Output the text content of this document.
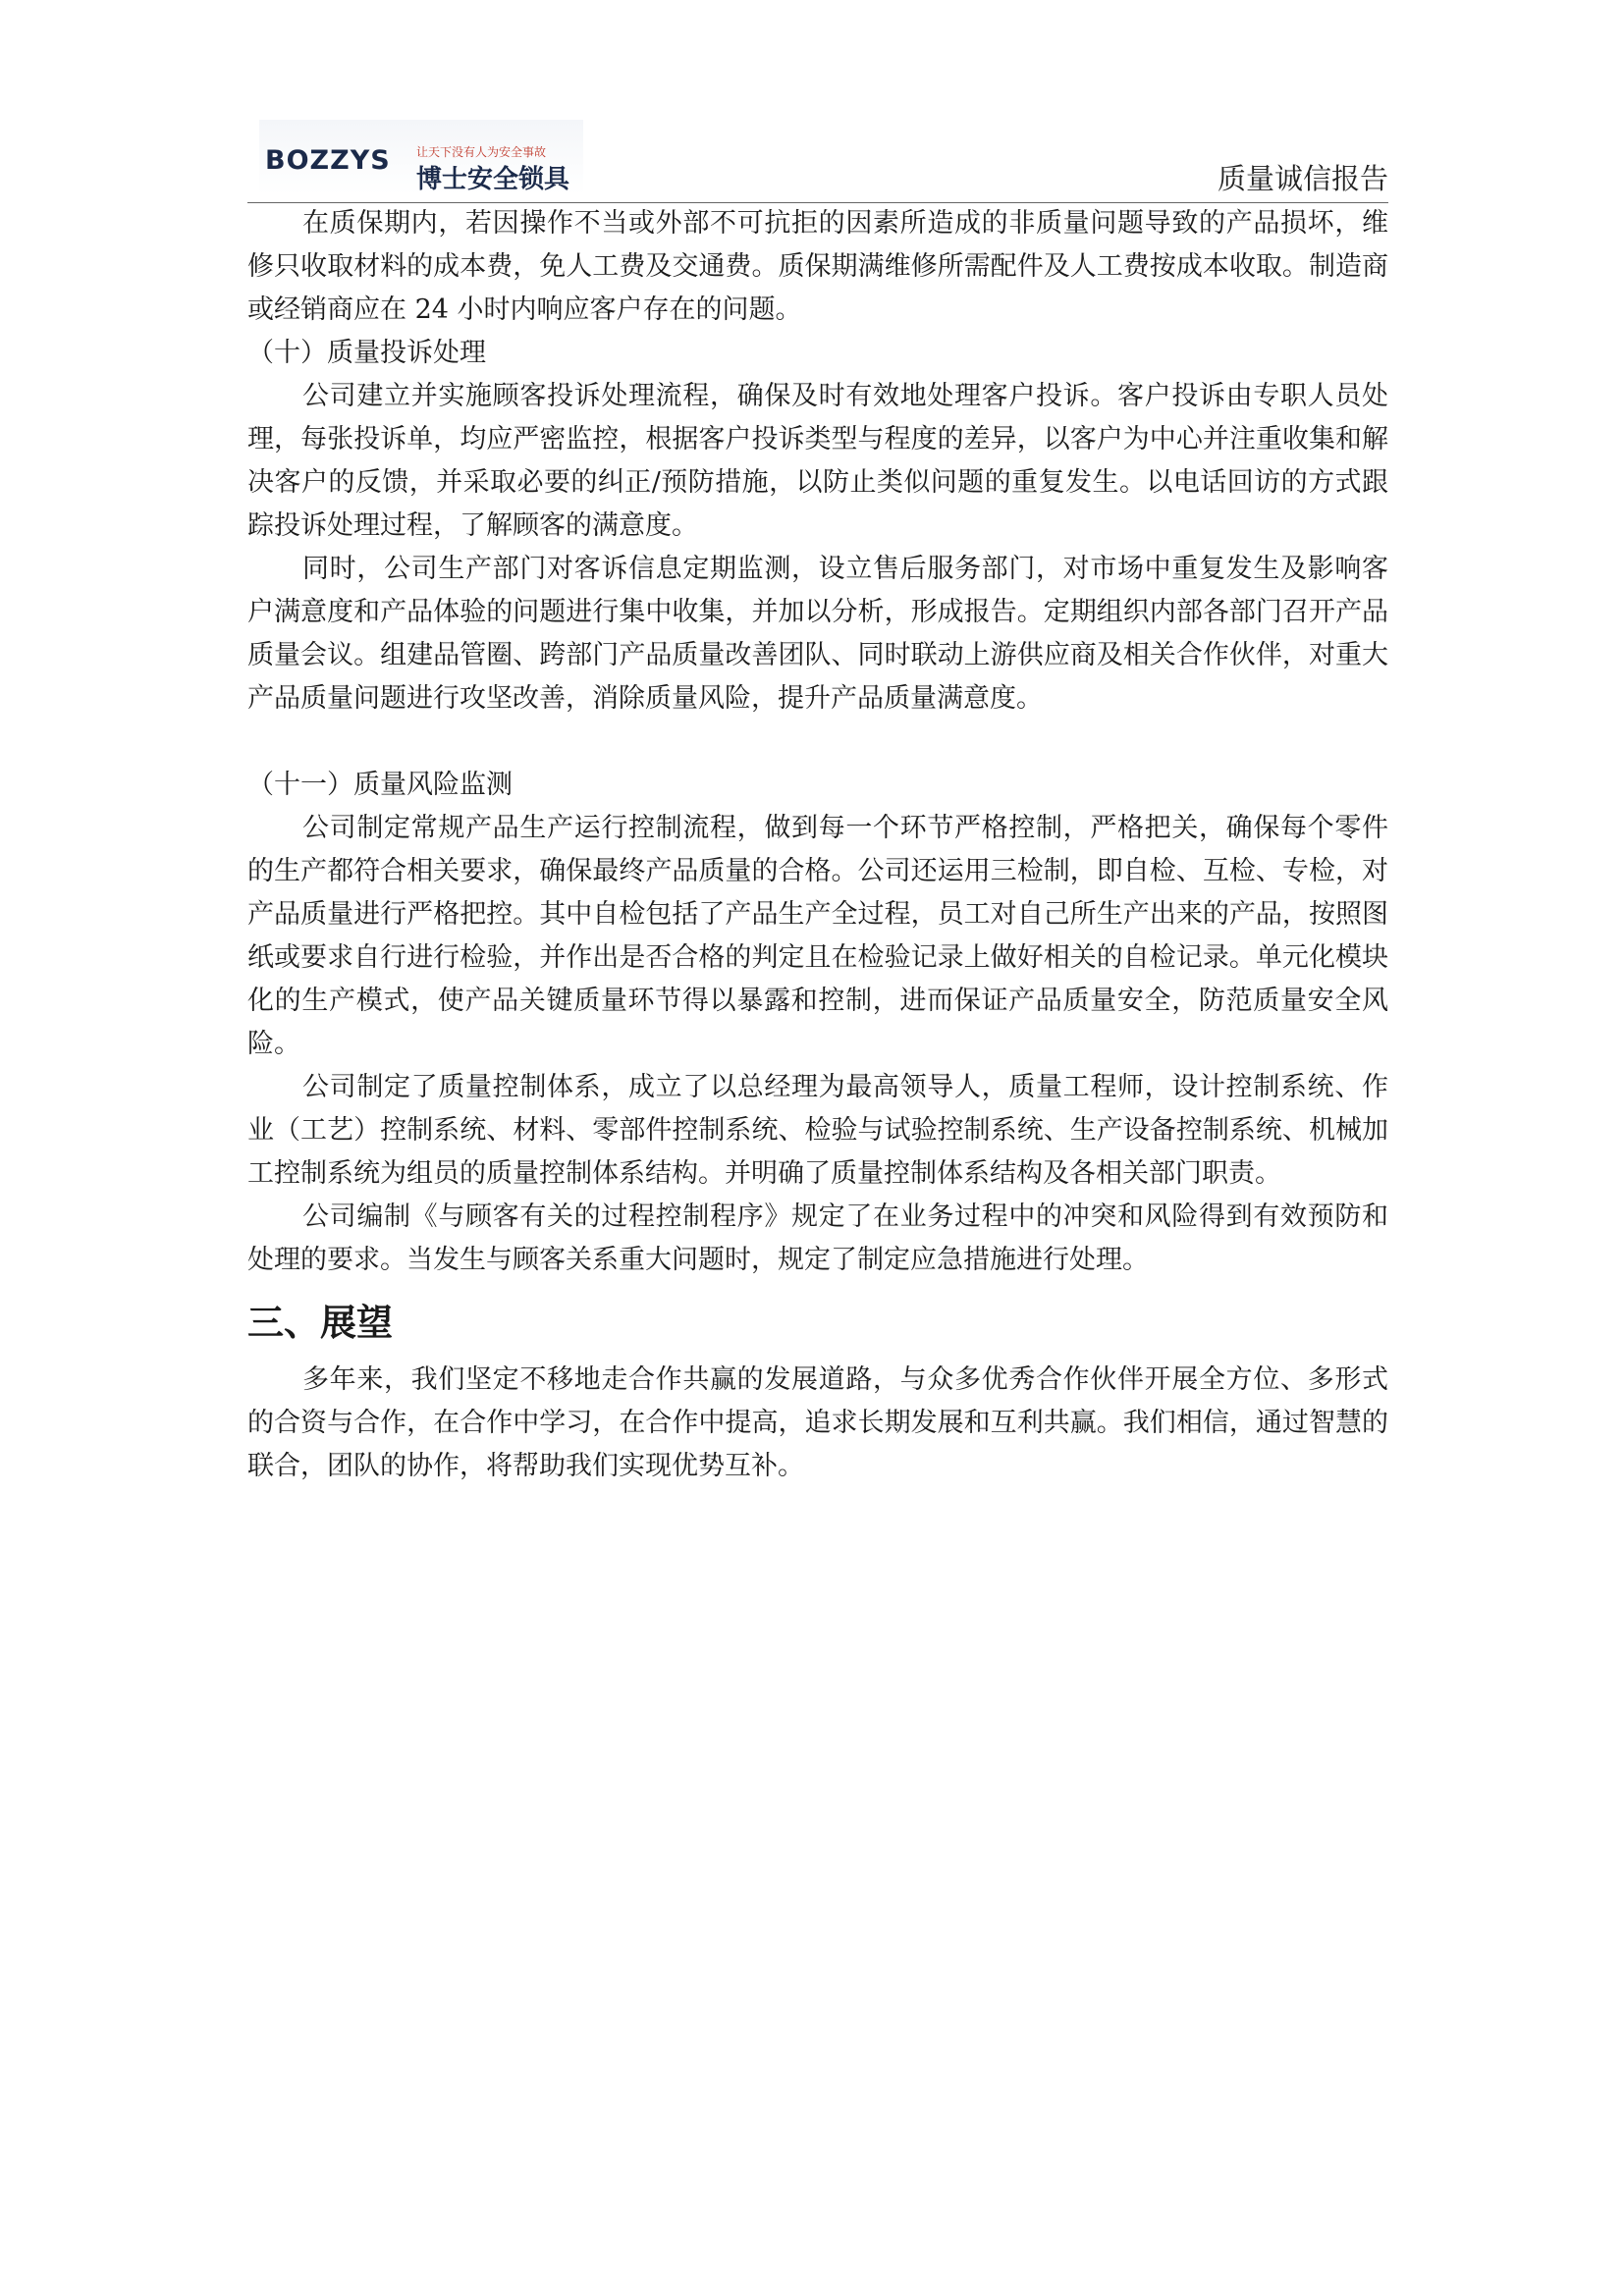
BOZZYS 让天下没有人为安全事故
博士安全锁具	质量诚信报告

在质保期内，若因操作不当或外部不可抗拒的因素所造成的非质量问题导致的产品损坏，维修只收取材料的成本费，免人工费及交通费。质保期满维修所需配件及人工费按成本收取。制造商或经销商应在 24 小时内响应客户存在的问题。

（十）质量投诉处理

公司建立并实施顾客投诉处理流程，确保及时有效地处理客户投诉。客户投诉由专职人员处理，每张投诉单，均应严密监控，根据客户投诉类型与程度的差异，以客户为中心并注重收集和解决客户的反馈，并采取必要的纠正/预防措施，以防止类似问题的重复发生。以电话回访的方式跟踪投诉处理过程，了解顾客的满意度。

同时，公司生产部门对客诉信息定期监测，设立售后服务部门，对市场中重复发生及影响客户满意度和产品体验的问题进行集中收集，并加以分析，形成报告。定期组织内部各部门召开产品质量会议。组建品管圈、跨部门产品质量改善团队、同时联动上游供应商及相关合作伙伴，对重大产品质量问题进行攻坚改善，消除质量风险，提升产品质量满意度。

（十一）质量风险监测

公司制定常规产品生产运行控制流程，做到每一个环节严格控制，严格把关，确保每个零件的生产都符合相关要求，确保最终产品质量的合格。公司还运用三检制，即自检、互检、专检，对产品质量进行严格把控。其中自检包括了产品生产全过程，员工对自己所生产出来的产品，按照图纸或要求自行进行检验，并作出是否合格的判定且在检验记录上做好相关的自检记录。单元化模块化的生产模式，使产品关键质量环节得以暴露和控制，进而保证产品质量安全，防范质量安全风险。

公司制定了质量控制体系，成立了以总经理为最高领导人，质量工程师，设计控制系统、作业（工艺）控制系统、材料、零部件控制系统、检验与试验控制系统、生产设备控制系统、机械加工控制系统为组员的质量控制体系结构。并明确了质量控制体系结构及各相关部门职责。

公司编制《与顾客有关的过程控制程序》规定了在业务过程中的冲突和风险得到有效预防和处理的要求。当发生与顾客关系重大问题时，规定了制定应急措施进行处理。

三、展望

多年来，我们坚定不移地走合作共赢的发展道路，与众多优秀合作伙伴开展全方位、多形式的合资与合作，在合作中学习，在合作中提高，追求长期发展和互利共赢。我们相信，通过智慧的联合，团队的协作，将帮助我们实现优势互补。
